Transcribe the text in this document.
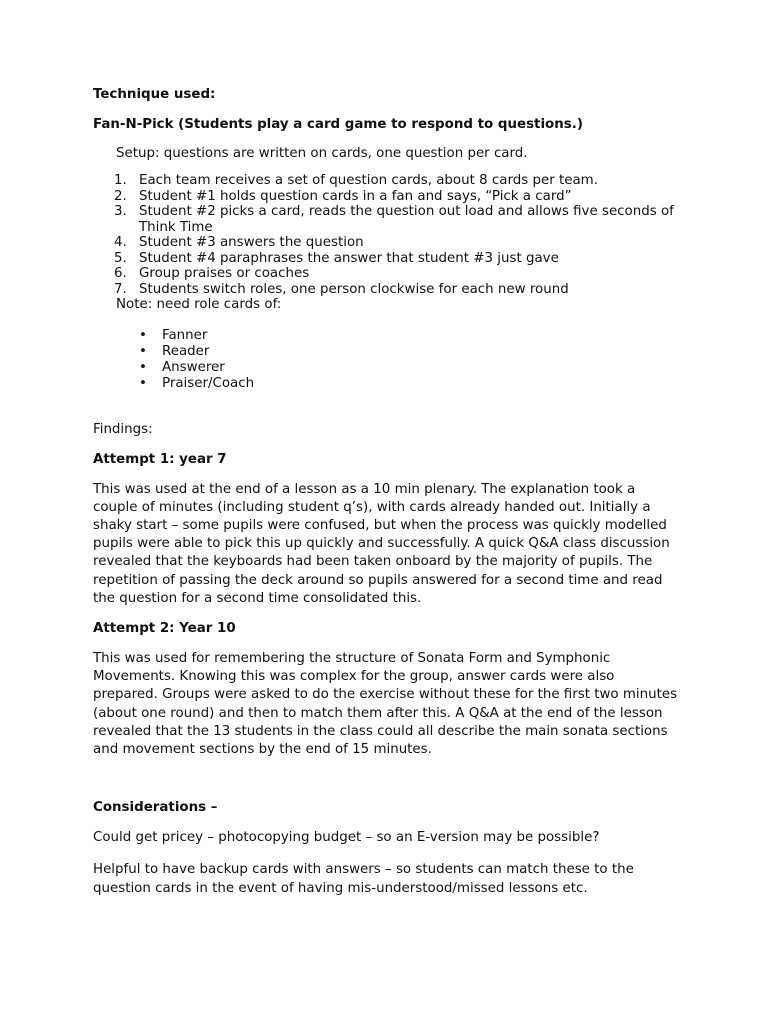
Technique used:

Fan-N-Pick (Students play a card game to respond to questions.)

Setup: questions are written on cards, one question per card.

1. Each team receives a set of question cards, about 8 cards per team.
2. Student #1 holds question cards in a fan and says, “Pick a card”
3. Student #2 picks a card, reads the question out load and allows five seconds of Think Time
4. Student #3 answers the question
5. Student #4 paraphrases the answer that student #3 just gave
6. Group praises or coaches
7. Students switch roles, one person clockwise for each new round

Note: need role cards of:

• Fanner
• Reader
• Answerer
• Praiser/Coach

Findings:

Attempt 1: year 7

This was used at the end of a lesson as a 10 min plenary. The explanation took a couple of minutes (including student q’s), with cards already handed out. Initially a shaky start – some pupils were confused, but when the process was quickly modelled pupils were able to pick this up quickly and successfully. A quick Q&A class discussion revealed that the keyboards had been taken onboard by the majority of pupils. The repetition of passing the deck around so pupils answered for a second time and read the question for a second time consolidated this.

Attempt 2: Year 10

This was used for remembering the structure of Sonata Form and Symphonic Movements. Knowing this was complex for the group, answer cards were also prepared. Groups were asked to do the exercise without these for the first two minutes (about one round) and then to match them after this. A Q&A at the end of the lesson revealed that the 13 students in the class could all describe the main sonata sections and movement sections by the end of 15 minutes.

Considerations –

Could get pricey – photocopying budget – so an E-version may be possible?

Helpful to have backup cards with answers – so students can match these to the question cards in the event of having mis-understood/missed lessons etc.
